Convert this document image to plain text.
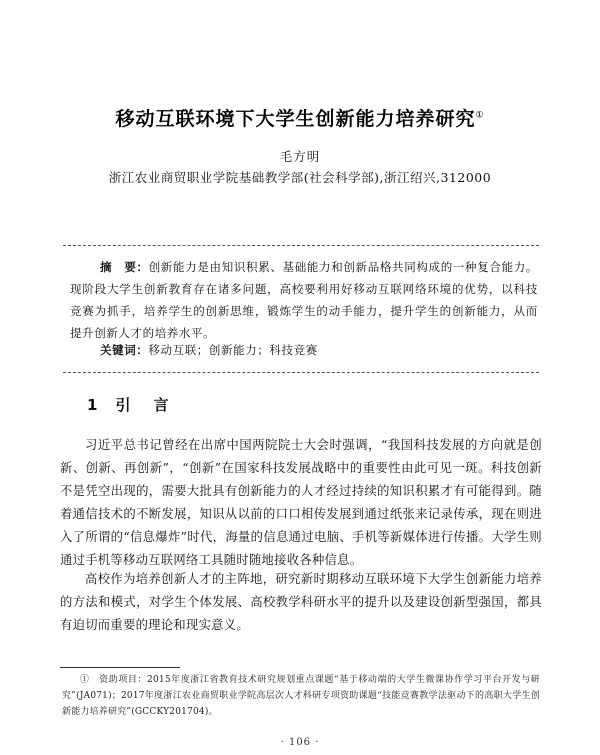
移动互联环境下大学生创新能力培养研究①
毛方明
浙江农业商贸职业学院基础教学部(社会科学部),浙江绍兴,312000
摘　要：创新能力是由知识积累、基础能力和创新品格共同构成的一种复合能力。现阶段大学生创新教育存在诸多问题，高校要利用好移动互联网络环境的优势，以科技竞赛为抓手，培养学生的创新思维，锻炼学生的动手能力，提升学生的创新能力，从而提升创新人才的培养水平。
关键词：移动互联；创新能力；科技竞赛
1 引　言
习近平总书记曾经在出席中国两院院士大会时强调，“我国科技发展的方向就是创新、创新、再创新”，“创新”在国家科技发展战略中的重要性由此可见一斑。科技创新不是凭空出现的，需要大批具有创新能力的人才经过持续的知识积累才有可能得到。随着通信技术的不断发展，知识从以前的口口相传发展到通过纸张来记录传承，现在则进入了所谓的“信息爆炸”时代，海量的信息通过电脑、手机等新媒体进行传播。大学生则通过手机等移动互联网络工具随时随地接收各种信息。
高校作为培养创新人才的主阵地，研究新时期移动互联环境下大学生创新能力培养的方法和模式，对学生个体发展、高校教学科研水平的提升以及建设创新型强国，都具有迫切而重要的理论和现实意义。
①　资助项目：2015年度浙江省教育技术研究规划重点课题“基于移动端的大学生微课协作学习平台开发与研究”(JA071)；2017年度浙江农业商贸职业学院高层次人才科研专项资助课题“技能竞赛教学法驱动下的高职大学生创新能力培养研究”(GCCKY201704)。
· 106 ·
